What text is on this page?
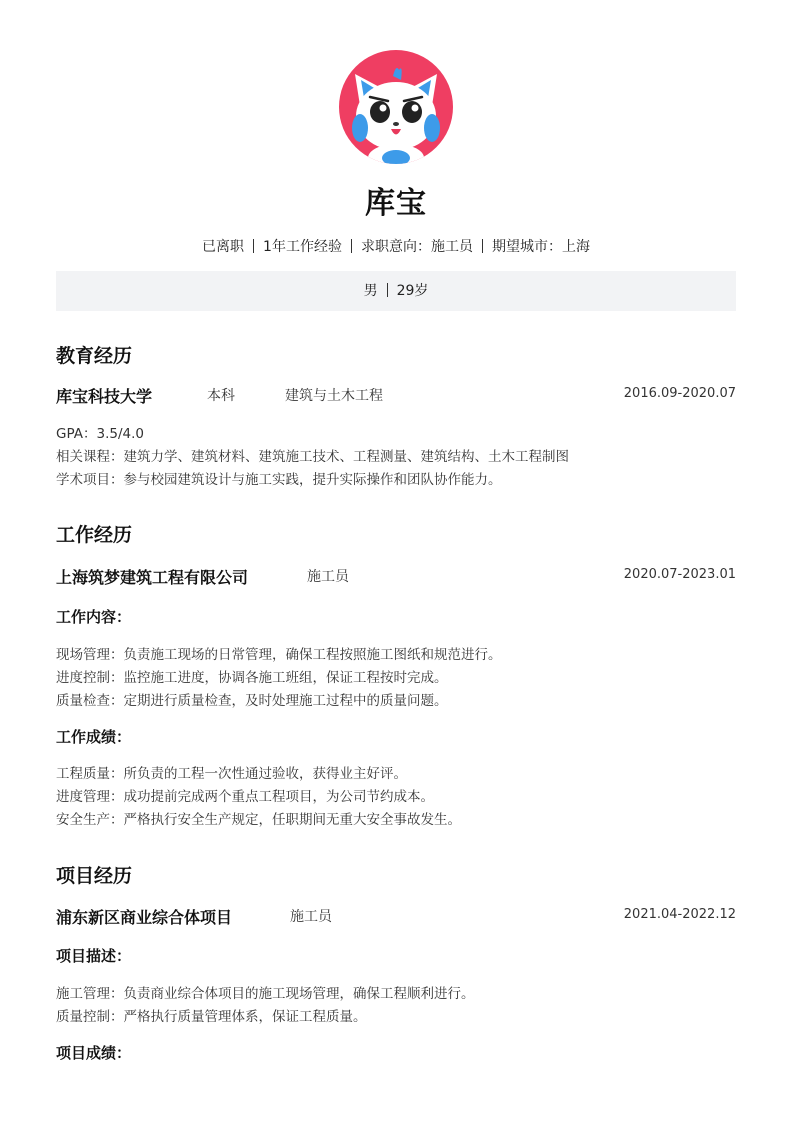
库宝
已离职 1年工作经验 求职意向：施工员 期望城市：上海
男 29岁
教育经历
库宝科技大学	本科	建筑与土木工程	2016.09-2020.07
GPA：3.5/4.0
相关课程：建筑力学、建筑材料、建筑施工技术、工程测量、建筑结构、土木工程制图
学术项目：参与校园建筑设计与施工实践，提升实际操作和团队协作能力。
工作经历
上海筑梦建筑工程有限公司	施工员	2020.07-2023.01
工作内容：
现场管理：负责施工现场的日常管理，确保工程按照施工图纸和规范进行。
进度控制：监控施工进度，协调各施工班组，保证工程按时完成。
质量检查：定期进行质量检查，及时处理施工过程中的质量问题。
工作成绩：
工程质量：所负责的工程一次性通过验收，获得业主好评。
进度管理：成功提前完成两个重点工程项目，为公司节约成本。
安全生产：严格执行安全生产规定，任职期间无重大安全事故发生。
项目经历
浦东新区商业综合体项目	施工员	2021.04-2022.12
项目描述：
施工管理：负责商业综合体项目的施工现场管理，确保工程顺利进行。
质量控制：严格执行质量管理体系，保证工程质量。
项目成绩：
